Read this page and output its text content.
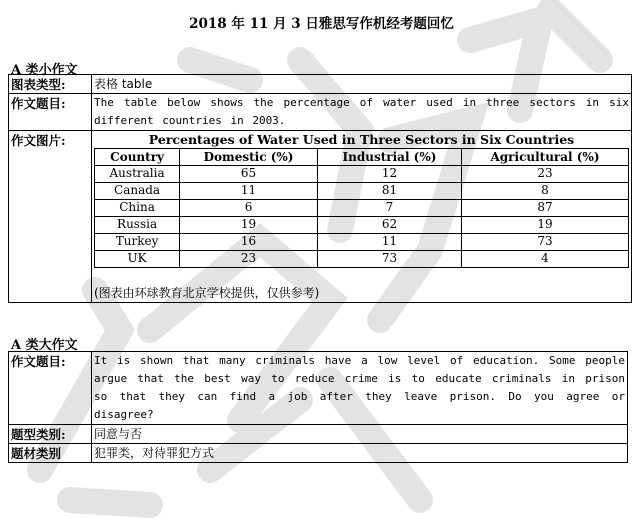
2018 年 11 月 3 日雅思写作机经考题回忆
A 类小作文
图表类型:	表格 table
作文题目:	The table below shows the percentage of water used in three sectors in six different countries in 2003.
作文图片:	Percentages of Water Used in Three Sectors in Six Countries
Country	Domestic (%)	Industrial (%)	Agricultural (%)
Australia	65	12	23
Canada	11	81	8
China	6	7	87
Russia	19	62	19
Turkey	16	11	73
UK	23	73	4
(图表由环球教育北京学校提供，仅供参考)
A 类大作文
作文题目:	It is shown that many criminals have a low level of education. Some people argue that the best way to reduce crime is to educate criminals in prison so that they can find a job after they leave prison. Do you agree or disagree?
题型类别:	同意与否
题材类别	犯罪类，对待罪犯方式
